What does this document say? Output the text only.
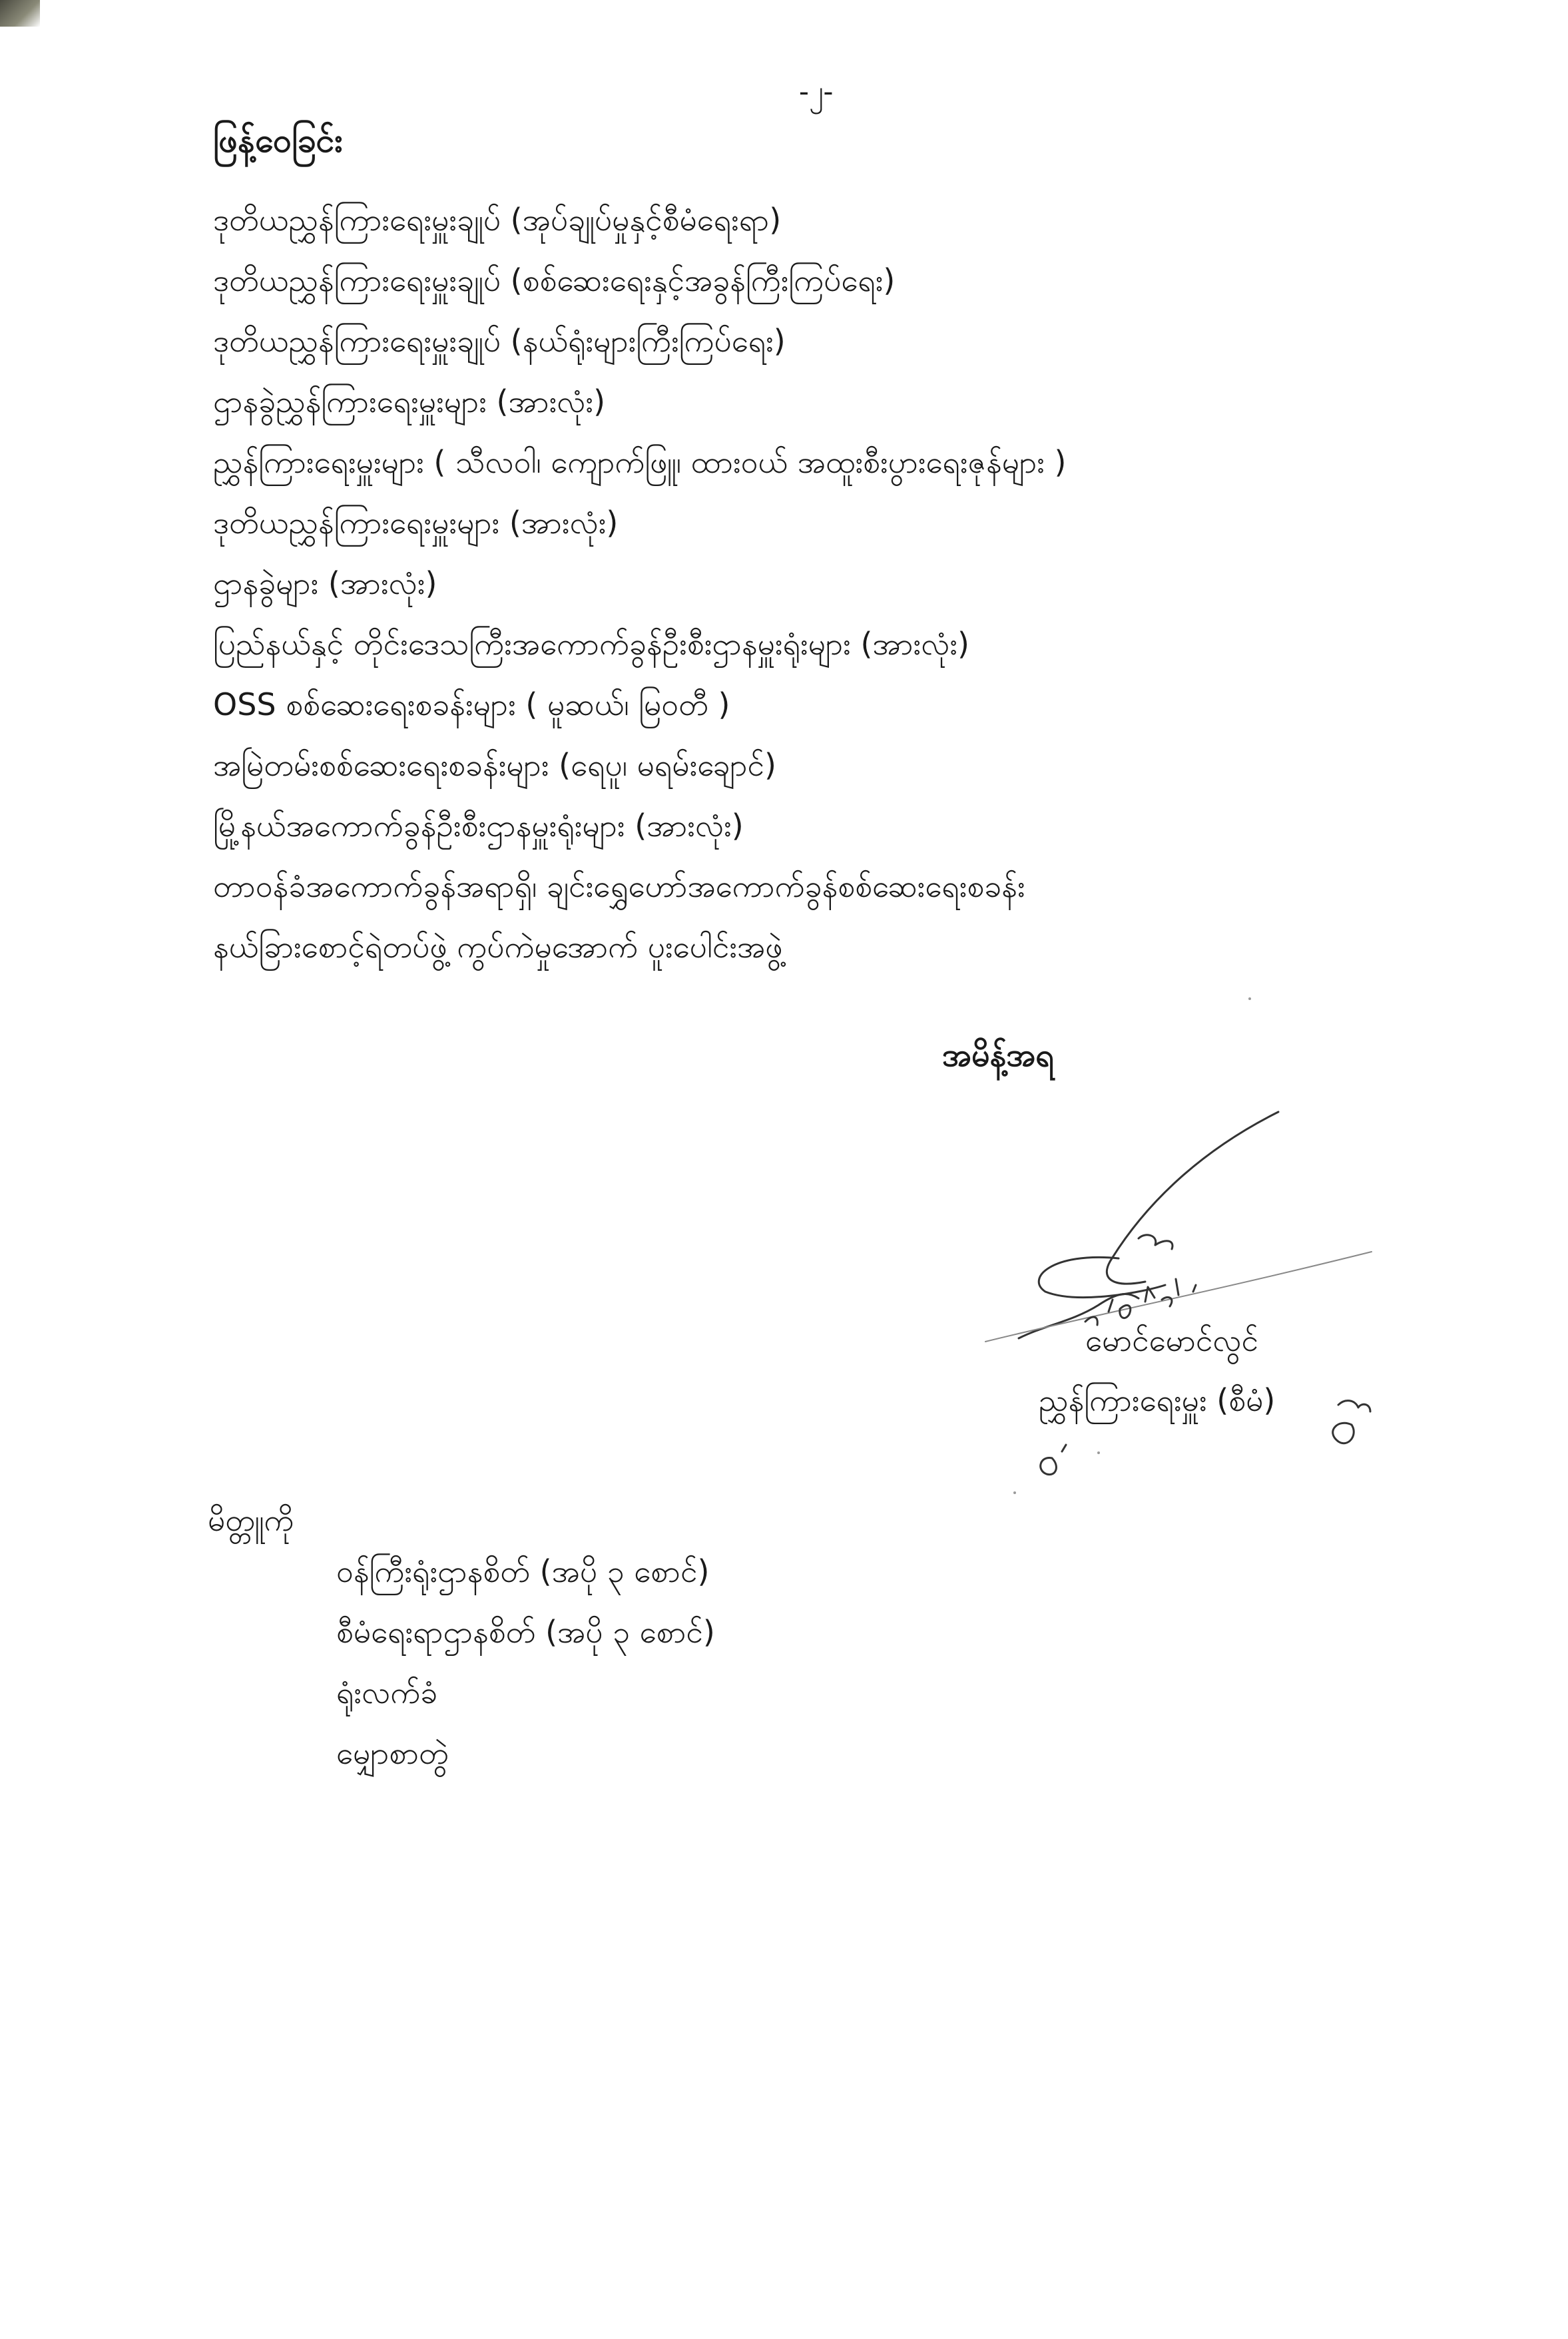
-၂-
ဖြန့်ဝေခြင်း
ဒုတိယညွှန်ကြားရေးမှူးချုပ် (အုပ်ချုပ်မှုနှင့်စီမံရေးရာ)
ဒုတိယညွှန်ကြားရေးမှူးချုပ် (စစ်ဆေးရေးနှင့်အခွန်ကြီးကြပ်ရေး)
ဒုတိယညွှန်ကြားရေးမှူးချုပ် (နယ်ရုံးများကြီးကြပ်ရေး)
ဌာနခွဲညွှန်ကြားရေးမှူးများ (အားလုံး)
ညွှန်ကြားရေးမှူးများ ( သီလဝါ၊ ကျောက်ဖြူ၊ ထားဝယ် အထူးစီးပွားရေးဇုန်များ )
ဒုတိယညွှန်ကြားရေးမှူးများ (အားလုံး)
ဌာနခွဲများ (အားလုံး)
ပြည်နယ်နှင့် တိုင်းဒေသကြီးအကောက်ခွန်ဦးစီးဌာနမှူးရုံးများ (အားလုံး)
OSS စစ်ဆေးရေးစခန်းများ ( မူဆယ်၊ မြဝတီ )
အမြဲတမ်းစစ်ဆေးရေးစခန်းများ (ရေပူ၊ မရမ်းချောင်)
မြို့နယ်အကောက်ခွန်ဦးစီးဌာနမှူးရုံးများ (အားလုံး)
တာဝန်ခံအကောက်ခွန်အရာရှိ၊ ချင်းရွှေဟော်အကောက်ခွန်စစ်ဆေးရေးစခန်း
နယ်ခြားစောင့်ရဲတပ်ဖွဲ့ ကွပ်ကဲမှုအောက် ပူးပေါင်းအဖွဲ့
အမိန့်အရ
မောင်မောင်လွင်
ညွှန်ကြားရေးမှူး (စီမံ)
မိတ္တူကို
ဝန်ကြီးရုံးဌာနစိတ် (အပို ၃ စောင်)
စီမံရေးရာဌာနစိတ် (အပို ၃ စောင်)
ရုံးလက်ခံ
မျှောစာတွဲ
